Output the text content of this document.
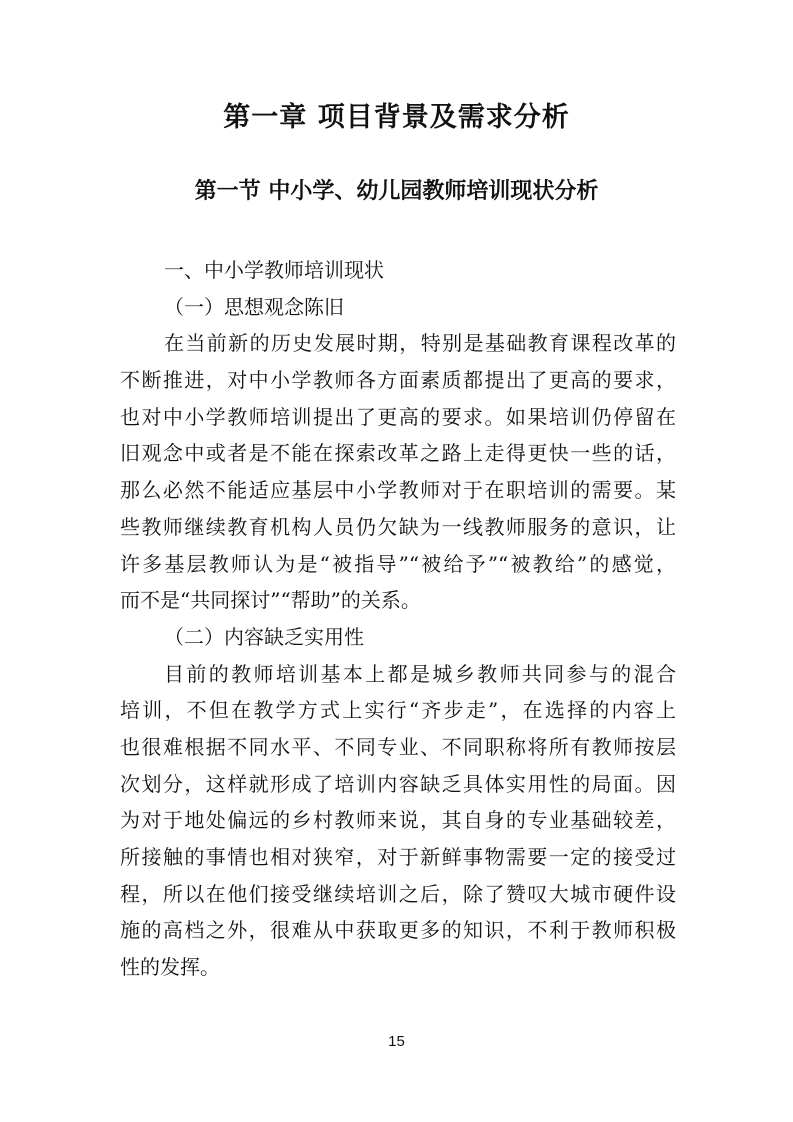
第一章 项目背景及需求分析
第一节 中小学、幼儿园教师培训现状分析
一、中小学教师培训现状
（一）思想观念陈旧
在当前新的历史发展时期，特别是基础教育课程改革的
不断推进，对中小学教师各方面素质都提出了更高的要求，
也对中小学教师培训提出了更高的要求。如果培训仍停留在
旧观念中或者是不能在探索改革之路上走得更快一些的话，
那么必然不能适应基层中小学教师对于在职培训的需要。某
些教师继续教育机构人员仍欠缺为一线教师服务的意识，让
许多基层教师认为是“被指导”“被给予”“被教给”的感觉，
而不是“共同探讨”“帮助”的关系。
（二）内容缺乏实用性
目前的教师培训基本上都是城乡教师共同参与的混合
培训，不但在教学方式上实行“齐步走”，在选择的内容上
也很难根据不同水平、不同专业、不同职称将所有教师按层
次划分，这样就形成了培训内容缺乏具体实用性的局面。因
为对于地处偏远的乡村教师来说，其自身的专业基础较差，
所接触的事情也相对狭窄，对于新鲜事物需要一定的接受过
程，所以在他们接受继续培训之后，除了赞叹大城市硬件设
施的高档之外，很难从中获取更多的知识，不利于教师积极
性的发挥。
15
